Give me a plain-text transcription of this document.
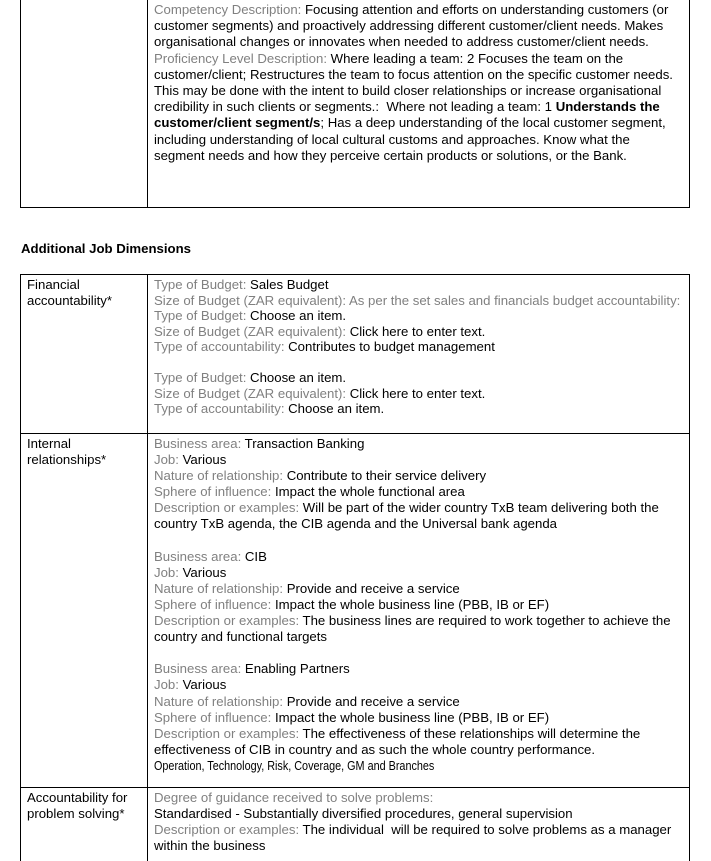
Competency Description: Focusing attention and efforts on understanding customers (or customer segments) and proactively addressing different customer/client needs. Makes organisational changes or innovates when needed to address customer/client needs.
Proficiency Level Description: Where leading a team: 2 Focuses the team on the customer/client; Restructures the team to focus attention on the specific customer needs. This may be done with the intent to build closer relationships or increase organisational credibility in such clients or segments.:  Where not leading a team: 1 Understands the customer/client segment/s; Has a deep understanding of the local customer segment, including understanding of local cultural customs and approaches. Know what the segment needs and how they perceive certain products or solutions, or the Bank.
Additional Job Dimensions
Financial accountability*
Type of Budget: Sales Budget
Size of Budget (ZAR equivalent): As per the set sales and financials budget accountability:
Type of Budget: Choose an item.
Size of Budget (ZAR equivalent): Click here to enter text.
Type of accountability: Contributes to budget management

Type of Budget: Choose an item.
Size of Budget (ZAR equivalent): Click here to enter text.
Type of accountability: Choose an item.
Internal relationships*
Business area: Transaction Banking
Job: Various
Nature of relationship: Contribute to their service delivery
Sphere of influence: Impact the whole functional area
Description or examples: Will be part of the wider country TxB team delivering both the country TxB agenda, the CIB agenda and the Universal bank agenda

Business area: CIB
Job: Various
Nature of relationship: Provide and receive a service
Sphere of influence: Impact the whole business line (PBB, IB or EF)
Description or examples: The business lines are required to work together to achieve the country and functional targets

Business area: Enabling Partners
Job: Various
Nature of relationship: Provide and receive a service
Sphere of influence: Impact the whole business line (PBB, IB or EF)
Description or examples: The effectiveness of these relationships will determine the effectiveness of CIB in country and as such the whole country performance.
Operation, Technology, Risk, Coverage, GM and Branches
Accountability for problem solving*
Degree of guidance received to solve problems:
Standardised - Substantially diversified procedures, general supervision
Description or examples: The individual  will be required to solve problems as a manager within the business
